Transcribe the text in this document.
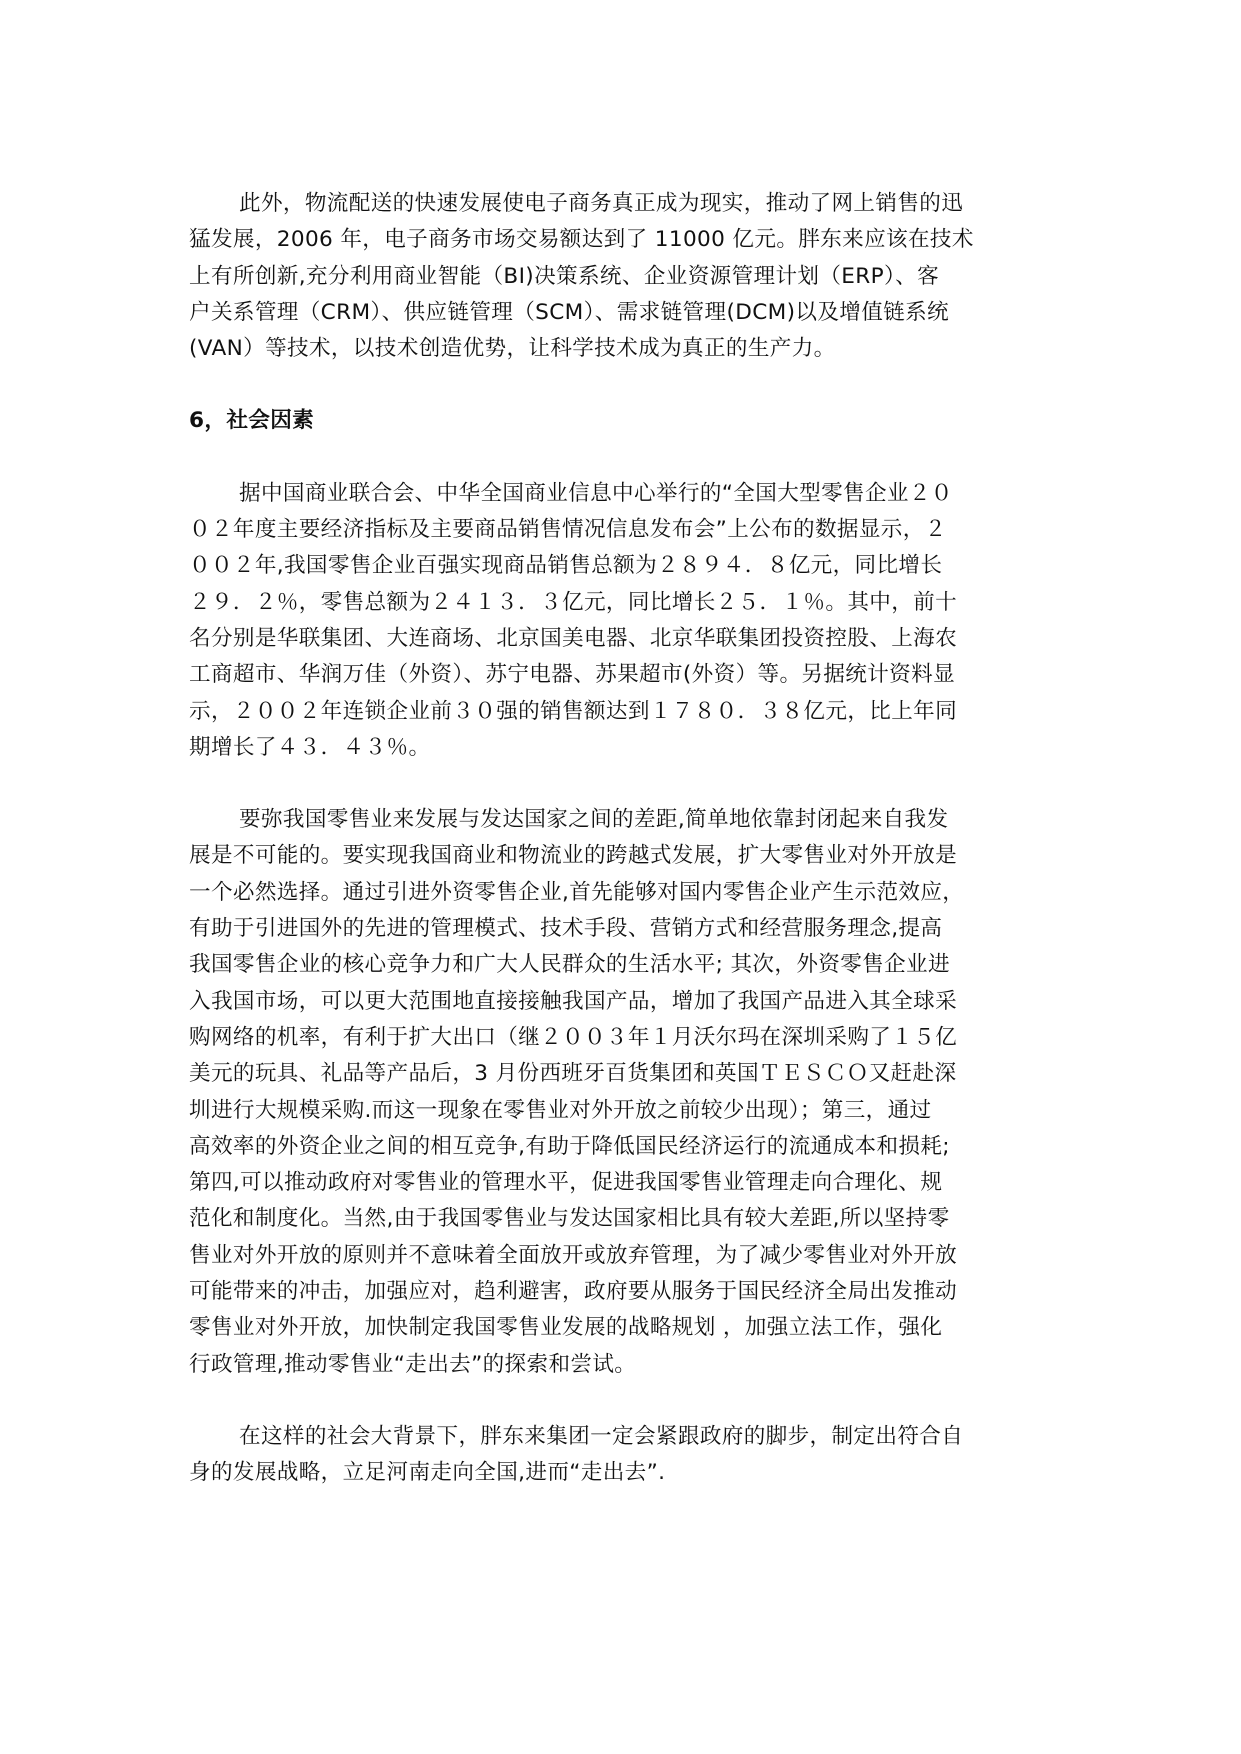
此外，物流配送的快速发展使电子商务真正成为现实，推动了网上销售的迅
猛发展，2006 年，电子商务市场交易额达到了 11000 亿元。胖东来应该在技术
上有所创新,充分利用商业智能（BI)决策系统、企业资源管理计划（ERP）、客
户关系管理（CRM）、供应链管理（SCM）、需求链管理(DCM)以及增值链系统
(VAN）等技术，以技术创造优势，让科学技术成为真正的生产力。
6，社会因素
据中国商业联合会、中华全国商业信息中心举行的“全国大型零售企业２０
０２年度主要经济指标及主要商品销售情况信息发布会”上公布的数据显示，２
００２年,我国零售企业百强实现商品销售总额为２８９４．８亿元，同比增长
２９．２％，零售总额为２４１３．３亿元，同比增长２５．１％。其中，前十
名分别是华联集团、大连商场、北京国美电器、北京华联集团投资控股、上海农
工商超市、华润万佳（外资）、苏宁电器、苏果超市(外资）等。另据统计资料显
示，２００２年连锁企业前３０强的销售额达到１７８０．３８亿元，比上年同
期增长了４３．４３％。
要弥我国零售业来发展与发达国家之间的差距,简单地依靠封闭起来自我发
展是不可能的。要实现我国商业和物流业的跨越式发展，扩大零售业对外开放是
一个必然选择。通过引进外资零售企业,首先能够对国内零售企业产生示范效应，
有助于引进国外的先进的管理模式、技术手段、营销方式和经营服务理念,提高
我国零售企业的核心竞争力和广大人民群众的生活水平; 其次，外资零售企业进
入我国市场，可以更大范围地直接接触我国产品，增加了我国产品进入其全球采
购网络的机率，有利于扩大出口（继２００３年１月沃尔玛在深圳采购了１５亿
美元的玩具、礼品等产品后，3 月份西班牙百货集团和英国ＴＥＳＣＯ又赶赴深
圳进行大规模采购.而这一现象在零售业对外开放之前较少出现）；第三，通过
高效率的外资企业之间的相互竞争,有助于降低国民经济运行的流通成本和损耗;
第四,可以推动政府对零售业的管理水平，促进我国零售业管理走向合理化、规
范化和制度化。当然,由于我国零售业与发达国家相比具有较大差距,所以坚持零
售业对外开放的原则并不意味着全面放开或放弃管理，为了减少零售业对外开放
可能带来的冲击，加强应对，趋利避害，政府要从服务于国民经济全局出发推动
零售业对外开放，加快制定我国零售业发展的战略规划 ，加强立法工作，强化
行政管理,推动零售业“走出去”的探索和尝试。
在这样的社会大背景下，胖东来集团一定会紧跟政府的脚步，制定出符合自
身的发展战略，立足河南走向全国,进而“走出去”.
